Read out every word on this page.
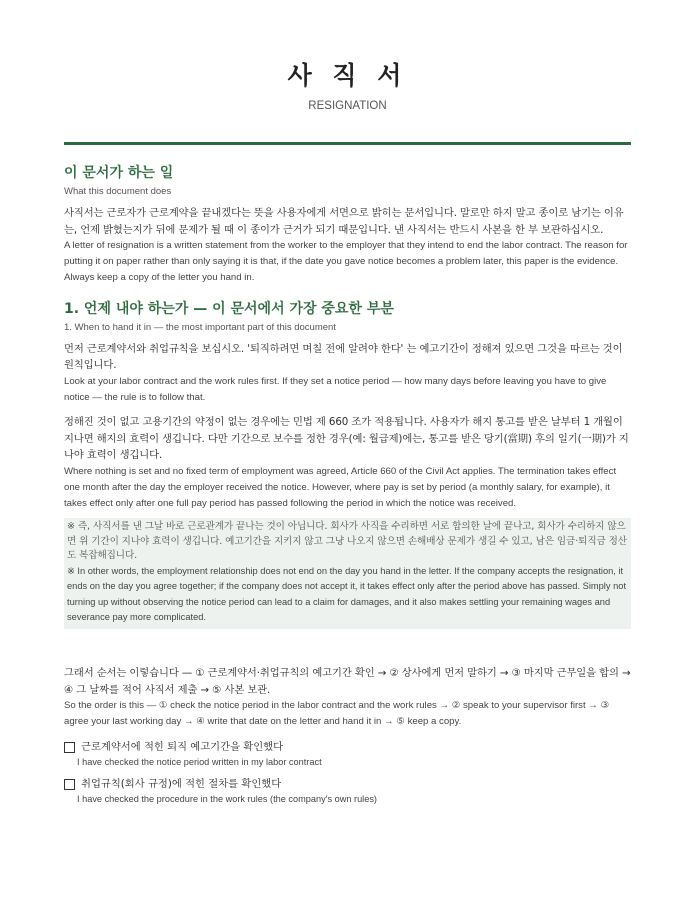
사 직 서
RESIGNATION
이 문서가 하는 일
What this document does
사직서는 근로자가 근로계약을 끝내겠다는 뜻을 사용자에게 서면으로 밝히는 문서입니다. 말로만 하지 말고 종이로 남기는 이유는, 언제 밝혔는지가 뒤에 문제가 될 때 이 종이가 근거가 되기 때문입니다. 낸 사직서는 반드시 사본을 한 부 보관하십시오.
A letter of resignation is a written statement from the worker to the employer that they intend to end the labor contract. The reason for putting it on paper rather than only saying it is that, if the date you gave notice becomes a problem later, this paper is the evidence. Always keep a copy of the letter you hand in.
1. 언제 내야 하는가 — 이 문서에서 가장 중요한 부분
1. When to hand it in — the most important part of this document
먼저 근로계약서와 취업규칙을 보십시오. '퇴직하려면 며칠 전에 알려야 한다' 는 예고기간이 정해져 있으면 그것을 따르는 것이 원칙입니다.
Look at your labor contract and the work rules first. If they set a notice period — how many days before leaving you have to give notice — the rule is to follow that.
정해진 것이 없고 고용기간의 약정이 없는 경우에는 민법 제 660 조가 적용됩니다. 사용자가 해지 통고를 받은 날부터 1 개월이 지나면 해지의 효력이 생깁니다. 다만 기간으로 보수를 정한 경우(예: 월급제)에는, 통고를 받은 당기(當期) 후의 일기(一期)가 지나야 효력이 생깁니다.
Where nothing is set and no fixed term of employment was agreed, Article 660 of the Civil Act applies. The termination takes effect one month after the day the employer received the notice. However, where pay is set by period (a monthly salary, for example), it takes effect only after one full pay period has passed following the period in which the notice was received.
※ 즉, 사직서를 낸 그날 바로 근로관계가 끝나는 것이 아닙니다. 회사가 사직을 수리하면 서로 합의한 날에 끝나고, 회사가 수리하지 않으면 위 기간이 지나야 효력이 생깁니다. 예고기간을 지키지 않고 그냥 나오지 않으면 손해배상 문제가 생길 수 있고, 남은 임금·퇴직금 정산도 복잡해집니다.
※ In other words, the employment relationship does not end on the day you hand in the letter. If the company accepts the resignation, it ends on the day you agree together; if the company does not accept it, it takes effect only after the period above has passed. Simply not turning up without observing the notice period can lead to a claim for damages, and it also makes settling your remaining wages and severance pay more complicated.
그래서 순서는 이렇습니다 — ① 근로계약서·취업규칙의 예고기간 확인 → ② 상사에게 먼저 말하기 → ③ 마지막 근무일을 합의 → ④ 그 날짜를 적어 사직서 제출 → ⑤ 사본 보관.
So the order is this — ① check the notice period in the labor contract and the work rules → ② speak to your supervisor first → ③ agree your last working day → ④ write that date on the letter and hand it in → ⑤ keep a copy.
근로계약서에 적힌 퇴직 예고기간을 확인했다
I have checked the notice period written in my labor contract
취업규칙(회사 규정)에 적힌 절차를 확인했다
I have checked the procedure in the work rules (the company's own rules)
